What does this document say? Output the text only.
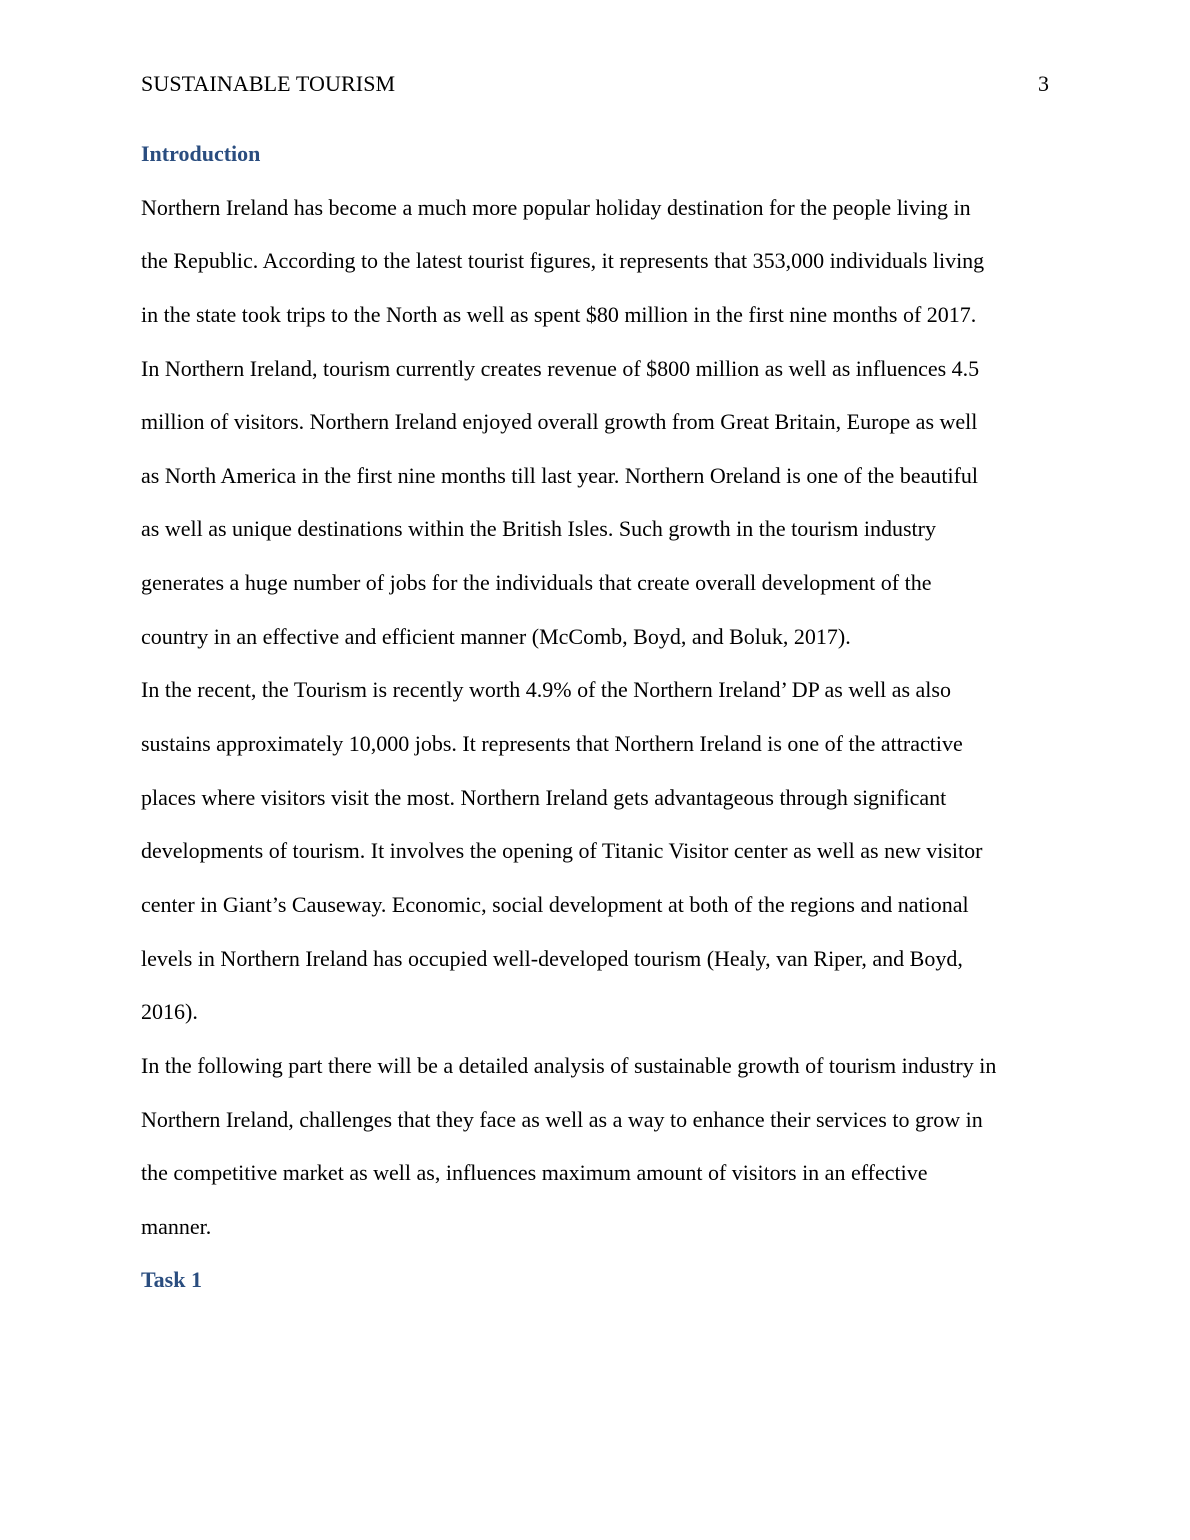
SUSTAINABLE TOURISM	3
Introduction
Northern Ireland has become a much more popular holiday destination for the people living in
the Republic. According to the latest tourist figures, it represents that 353,000 individuals living
in the state took trips to the North as well as spent $80 million in the first nine months of 2017.
In Northern Ireland, tourism currently creates revenue of $800 million as well as influences 4.5
million of visitors. Northern Ireland enjoyed overall growth from Great Britain, Europe as well
as North America in the first nine months till last year. Northern Oreland is one of the beautiful
as well as unique destinations within the British Isles. Such growth in the tourism industry
generates a huge number of jobs for the individuals that create overall development of the
country in an effective and efficient manner (McComb, Boyd, and Boluk, 2017).
In the recent, the Tourism is recently worth 4.9% of the Northern Ireland’ DP as well as also
sustains approximately 10,000 jobs. It represents that Northern Ireland is one of the attractive
places where visitors visit the most. Northern Ireland gets advantageous through significant
developments of tourism. It involves the opening of Titanic Visitor center as well as new visitor
center in Giant’s Causeway. Economic, social development at both of the regions and national
levels in Northern Ireland has occupied well-developed tourism (Healy, van Riper, and Boyd,
2016).
In the following part there will be a detailed analysis of sustainable growth of tourism industry in
Northern Ireland, challenges that they face as well as a way to enhance their services to grow in
the competitive market as well as, influences maximum amount of visitors in an effective
manner.
Task 1
